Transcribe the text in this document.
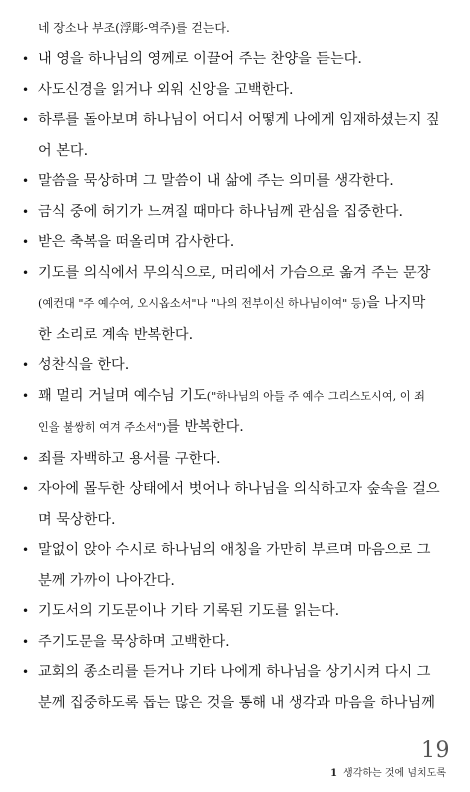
네 장소나 부조(浮彫-역주)를 걷는다.
• 내 영을 하나님의 영께로 이끌어 주는 찬양을 듣는다.
• 사도신경을 읽거나 외워 신앙을 고백한다.
• 하루를 돌아보며 하나님이 어디서 어떻게 나에게 임재하셨는지 짚
어 본다.
• 말씀을 묵상하며 그 말씀이 내 삶에 주는 의미를 생각한다.
• 금식 중에 허기가 느껴질 때마다 하나님께 관심을 집중한다.
• 받은 축복을 떠올리며 감사한다.
• 기도를 의식에서 무의식으로, 머리에서 가슴으로 옮겨 주는 문장
(예컨대 "주 예수여, 오시옵소서"나 "나의 전부이신 하나님이여" 등)을 나지막
한 소리로 계속 반복한다.
• 성찬식을 한다.
• 꽤 멀리 거닐며 예수님 기도("하나님의 아들 주 예수 그리스도시여, 이 죄
인을 불쌍히 여겨 주소서")를 반복한다.
• 죄를 자백하고 용서를 구한다.
• 자아에 몰두한 상태에서 벗어나 하나님을 의식하고자 숲속을 걸으
며 묵상한다.
• 말없이 앉아 수시로 하나님의 애칭을 가만히 부르며 마음으로 그
분께 가까이 나아간다.
• 기도서의 기도문이나 기타 기록된 기도를 읽는다.
• 주기도문을 묵상하며 고백한다.
• 교회의 종소리를 듣거나 기타 나에게 하나님을 상기시켜 다시 그
분께 집중하도록 돕는 많은 것을 통해 내 생각과 마음을 하나님께
19
1 생각하는 것에 넘치도록
